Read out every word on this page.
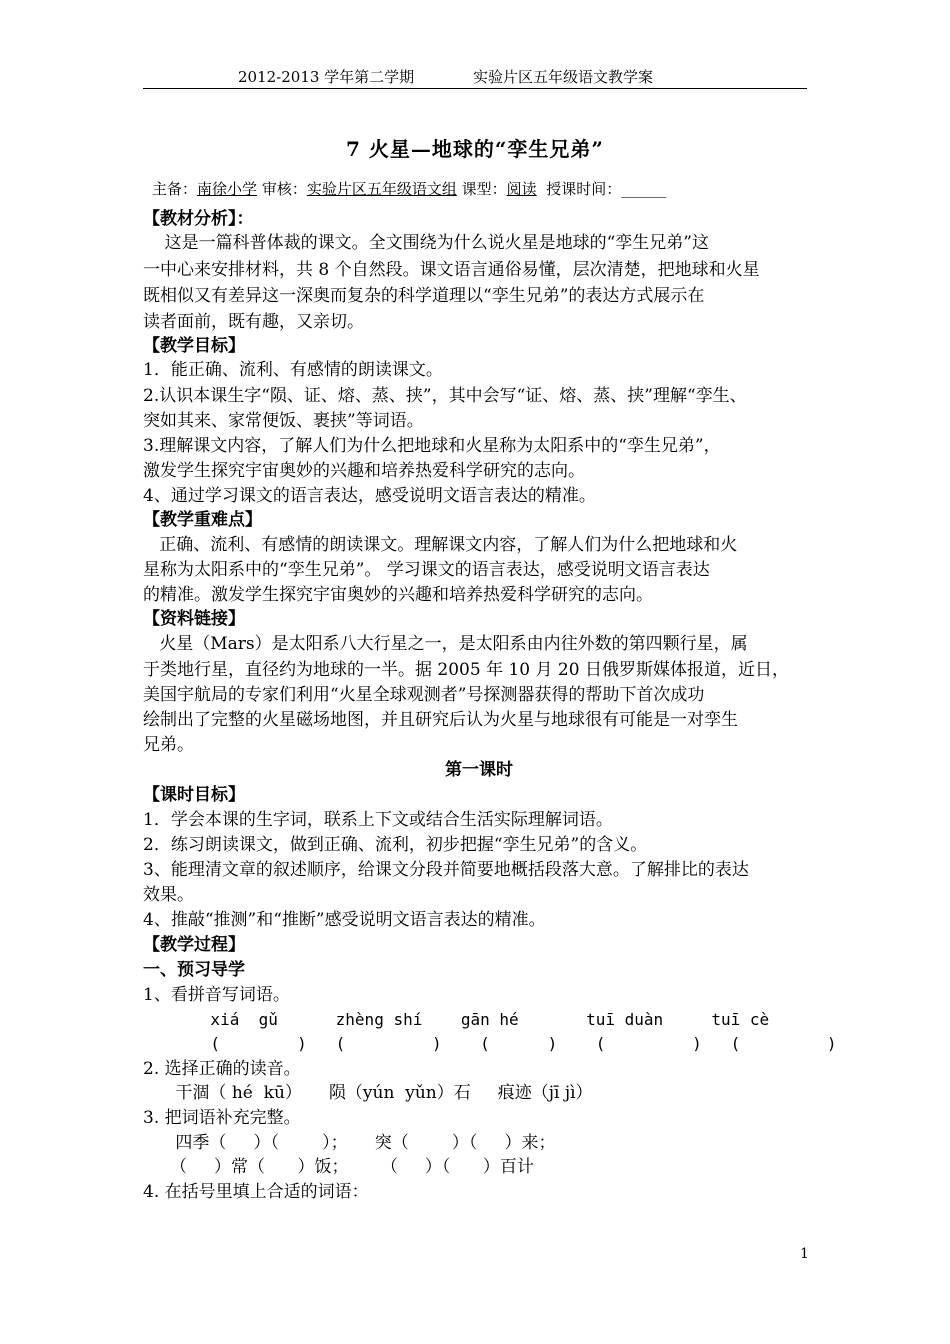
2012-2013 学年第二学期	实验片区五年级语文教学案
7 火星—地球的“孪生兄弟”
主备：南徐小学 审核：实验片区五年级语文组 课型：阅读 授课时间：______
【教材分析】：
这是一篇科普体裁的课文。全文围绕为什么说火星是地球的“孪生兄弟”这
一中心来安排材料，共 8 个自然段。课文语言通俗易懂，层次清楚，把地球和火星
既相似又有差异这一深奥而复杂的科学道理以“孪生兄弟”的表达方式展示在
读者面前，既有趣，又亲切。
【教学目标】
1．能正确、流利、有感情的朗读课文。
2.认识本课生字“陨、证、熔、蒸、挟”，其中会写“证、熔、蒸、挟”理解“孪生、
突如其来、家常便饭、裹挟”等词语。
3.理解课文内容，了解人们为什么把地球和火星称为太阳系中的“孪生兄弟”，
激发学生探究宇宙奥妙的兴趣和培养热爱科学研究的志向。
4、通过学习课文的语言表达，感受说明文语言表达的精准。
【教学重难点】
正确、流利、有感情的朗读课文。理解课文内容，了解人们为什么把地球和火
星称为太阳系中的“孪生兄弟”。 学习课文的语言表达，感受说明文语言表达
的精准。激发学生探究宇宙奥妙的兴趣和培养热爱科学研究的志向。
【资料链接】
火星（Mars）是太阳系八大行星之一，是太阳系由内往外数的第四颗行星，属
于类地行星，直径约为地球的一半。据 2005 年 10 月 20 日俄罗斯媒体报道，近日，
美国宇航局的专家们利用“火星全球观测者”号探测器获得的帮助下首次成功
绘制出了完整的火星磁场地图，并且研究后认为火星与地球很有可能是一对孪生
兄弟。
第一课时
【课时目标】
1．学会本课的生字词，联系上下文或结合生活实际理解词语。
2．练习朗读课文，做到正确、流利，初步把握“孪生兄弟”的含义。
3、能理清文章的叙述顺序，给课文分段并简要地概括段落大意。了解排比的表达
效果。
4、推敲“推测”和“推断”感受说明文语言表达的精准。
【教学过程】
一、预习导学
1、看拼音写词语。
xiá  gǔ      zhèng shí    gān hé       tuī duàn     tuī cè
(        )   (         )    (      )    (         )   (         )
2. 选择正确的读音。
干涸（ hé  kū）     陨（yún  yǔn）石     痕迹（jī jì）
3. 把词语补充完整。
四季（     ）（        ）；     突（        ）（     ）来；
（     ）常（      ）饭；      （     ）（      ）百计
4. 在括号里填上合适的词语：
1
